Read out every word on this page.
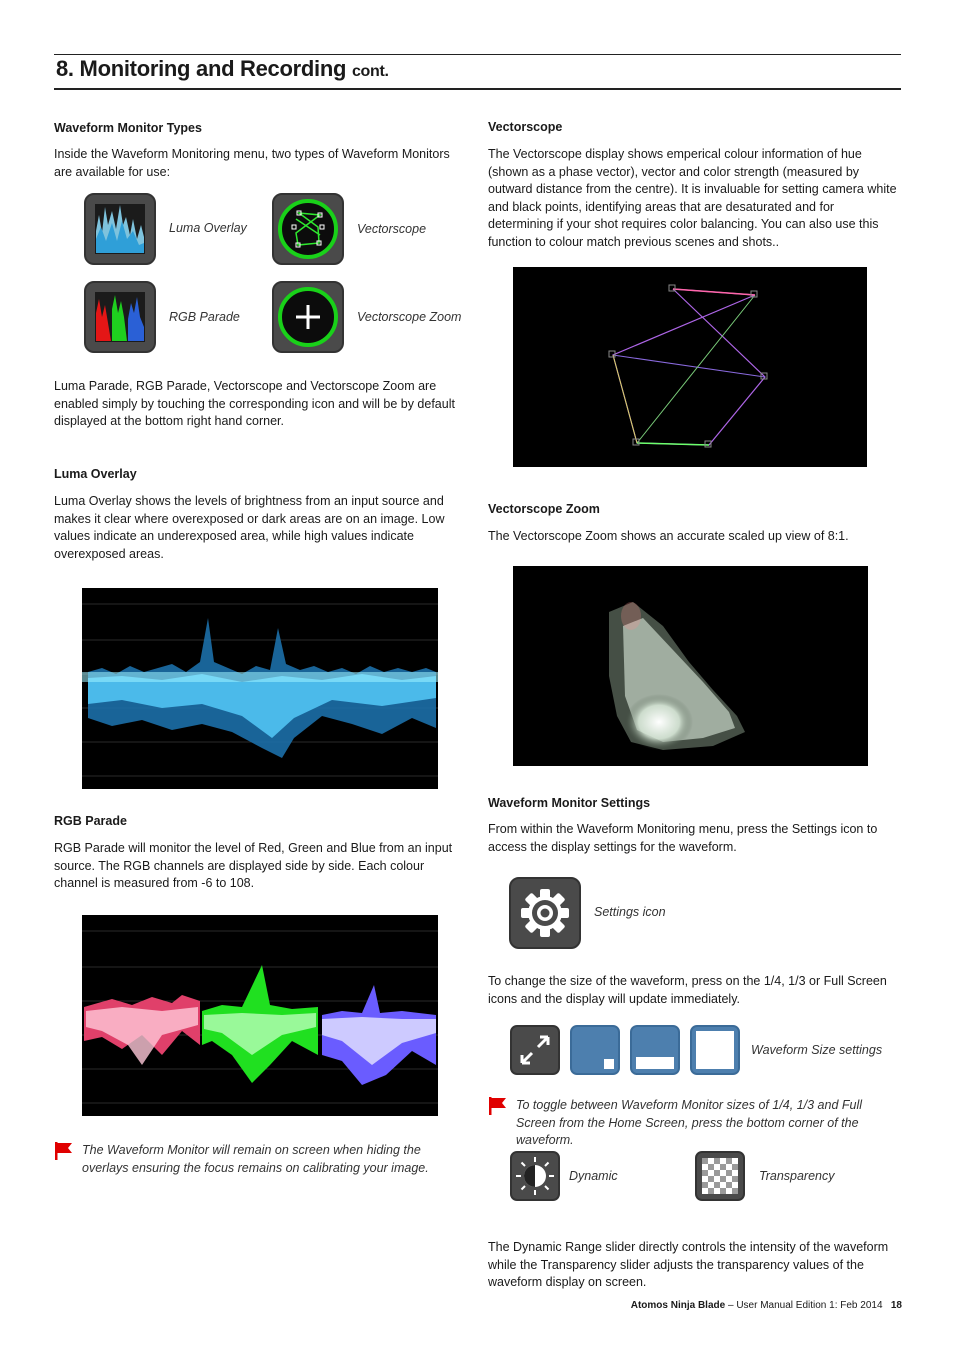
8. Monitoring and Recording cont.
Waveform Monitor Types

Inside the Waveform Monitoring menu, two types of Waveform Monitors are available for use:

Luma Overlay	Vectorscope
RGB Parade	Vectorscope Zoom

Luma Parade, RGB Parade, Vectorscope and Vectorscope Zoom are enabled simply by touching the corresponding icon and will be by default displayed at the bottom right hand corner.

Luma Overlay

Luma Overlay shows the levels of brightness from an input source and makes it clear where overexposed or dark areas are on an image. Low values indicate an underexposed area, while high values indicate overexposed areas.

RGB Parade

RGB Parade will monitor the level of Red, Green and Blue from an input source. The RGB channels are displayed side by side. Each colour channel is measured from -6 to 108.

The Waveform Monitor will remain on screen when hiding the overlays ensuring the focus remains on calibrating your image.

Vectorscope

The Vectorscope display shows emperical colour information of hue (shown as a phase vector), vector and color strength (measured by outward distance from the centre). It is invaluable for setting camera white and black points, identifying areas that are desaturated and for determining if your shot requires color balancing. You can also use this function to colour match previous scenes and shots..

Vectorscope Zoom

The Vectorscope Zoom shows an accurate scaled up view of 8:1.

Waveform Monitor Settings

From within the Waveform Monitoring menu, press the Settings icon to access the display settings for the waveform.

Settings icon

To change the size of the waveform, press on the 1/4, 1/3 or Full Screen icons and the display will update immediately.

Waveform Size settings

To toggle between Waveform Monitor sizes of 1/4, 1/3 and Full Screen from the Home Screen, press the bottom corner of the waveform.

Dynamic	Transparency

The Dynamic Range slider directly controls the intensity of the waveform while the Transparency slider adjusts the transparency values of the waveform display on screen.

Atomos Ninja Blade – User Manual Edition 1: Feb 2014 18
